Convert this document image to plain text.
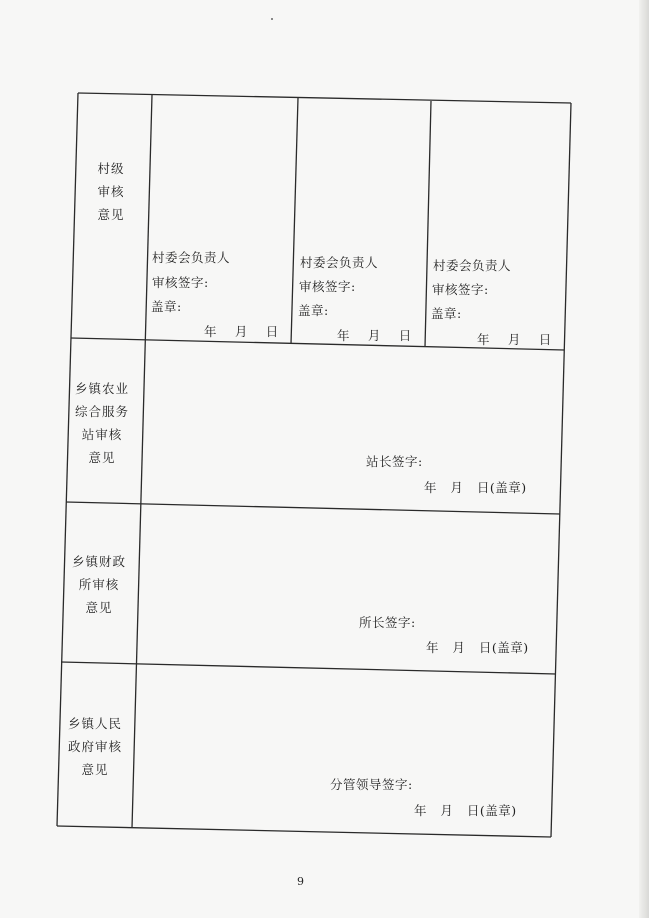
村级
审核
意见
村委会负责人
审核签字:
盖章:
年    月    日
村委会负责人
审核签字:
盖章:
年    月    日
村委会负责人
审核签字:
盖章:
年    月    日
乡镇农业
综合服务
站审核
意见	站长签字:
年   月   日(盖章)
乡镇财政
所审核
意见
所长签字:
年   月   日(盖章)
乡镇人民
政府审核
意见
分管领导签字:
年   月   日(盖章)
9
